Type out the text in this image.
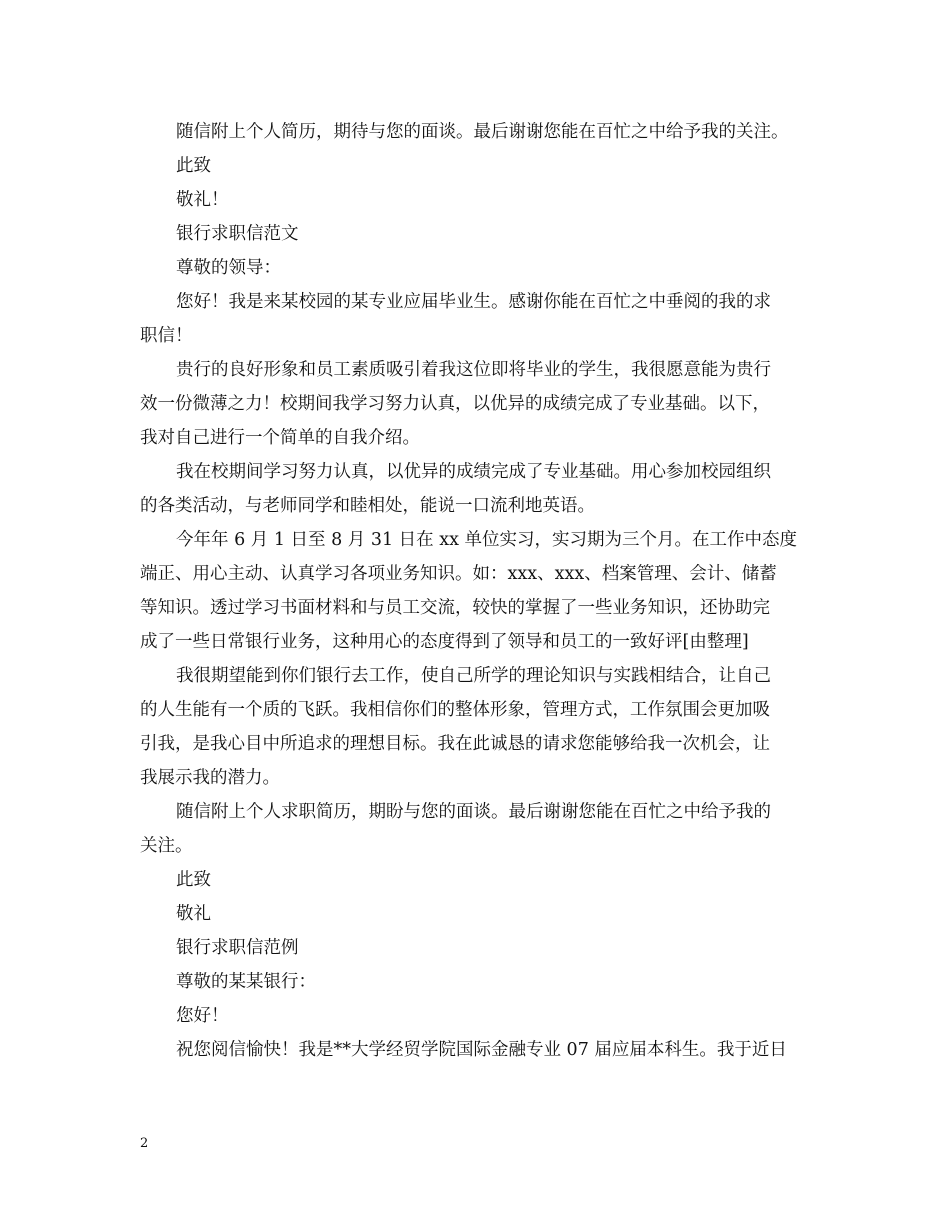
随信附上个人简历，期待与您的面谈。最后谢谢您能在百忙之中给予我的关注。
此致
敬礼！
银行求职信范文
尊敬的领导：
您好！我是来某校园的某专业应届毕业生。感谢你能在百忙之中垂阅的我的求
职信！
贵行的良好形象和员工素质吸引着我这位即将毕业的学生，我很愿意能为贵行
效一份微薄之力！校期间我学习努力认真，以优异的成绩完成了专业基础。以下，
我对自己进行一个简单的自我介绍。
我在校期间学习努力认真，以优异的成绩完成了专业基础。用心参加校园组织
的各类活动，与老师同学和睦相处，能说一口流利地英语。
今年年 6 月 1 日至 8 月 31 日在 xx 单位实习，实习期为三个月。在工作中态度
端正、用心主动、认真学习各项业务知识。如：xxx、xxx、档案管理、会计、储蓄
等知识。透过学习书面材料和与员工交流，较快的掌握了一些业务知识，还协助完
成了一些日常银行业务，这种用心的态度得到了领导和员工的一致好评[由整理]
我很期望能到你们银行去工作，使自己所学的理论知识与实践相结合，让自己
的人生能有一个质的飞跃。我相信你们的整体形象，管理方式，工作氛围会更加吸
引我，是我心目中所追求的理想目标。我在此诚恳的请求您能够给我一次机会，让
我展示我的潜力。
随信附上个人求职简历，期盼与您的面谈。最后谢谢您能在百忙之中给予我的
关注。
此致
敬礼
银行求职信范例
尊敬的某某银行：
您好！
祝您阅信愉快！我是**大学经贸学院国际金融专业 07 届应届本科生。我于近日
2
